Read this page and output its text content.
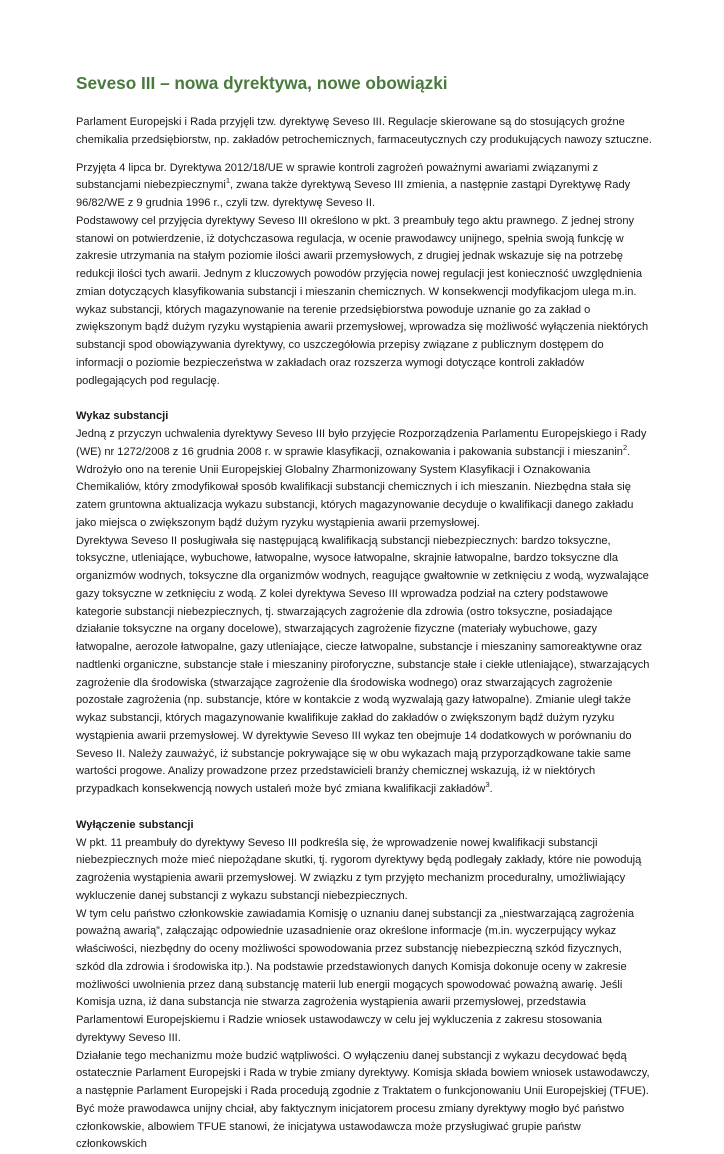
Seveso III – nowa dyrektywa, nowe obowiązki

Parlament Europejski i Rada przyjęli tzw. dyrektywę Seveso III. Regulacje skierowane są do stosujących groźne chemikalia przedsiębiorstw, np. zakładów petrochemicznych, farmaceutycznych czy produkujących nawozy sztuczne.

Przyjęta 4 lipca br. Dyrektywa 2012/18/UE w sprawie kontroli zagrożeń poważnymi awariami związanymi z substancjami niebezpiecznymi$^1$, zwana także dyrektywą Seveso III zmienia, a następnie zastąpi Dyrektywę Rady 96/82/WE z 9 grudnia 1996 r., czyli tzw. dyrektywę Seveso II.

Podstawowy cel przyjęcia dyrektywy Seveso III określono w pkt. 3 preambuły tego aktu prawnego. Z jednej strony stanowi on potwierdzenie, iż dotychczasowa regulacja, w ocenie prawodawcy unijnego, spełnia swoją funkcję w zakresie utrzymania na stałym poziomie ilości awarii przemysłowych, z drugiej jednak wskazuje się na potrzebę redukcji ilości tych awarii. Jednym z kluczowych powodów przyjęcia nowej regulacji jest konieczność uwzględnienia zmian dotyczących klasyfikowania substancji i mieszanin chemicznych. W konsekwencji modyfikacjom ulega m.in. wykaz substancji, których magazynowanie na terenie przedsiębiorstwa powoduje uznanie go za zakład o zwiększonym bądź dużym ryzyku wystąpienia awarii przemysłowej, wprowadza się możliwość wyłączenia niektórych substancji spod obowiązywania dyrektywy, co uszczegółowia przepisy związane z publicznym dostępem do informacji o poziomie bezpieczeństwa w zakładach oraz rozszerza wymogi dotyczące kontroli zakładów podlegających pod regulację.

Wykaz substancji

Jedną z przyczyn uchwalenia dyrektywy Seveso III było przyjęcie Rozporządzenia Parlamentu Europejskiego i Rady (WE) nr 1272/2008 z 16 grudnia 2008 r. w sprawie klasyfikacji, oznakowania i pakowania substancji i mieszanin$^2$. Wdrożyło ono na terenie Unii Europejskiej Globalny Zharmonizowany System Klasyfikacji i Oznakowania Chemikaliów, który zmodyfikował sposób kwalifikacji substancji chemicznych i ich mieszanin. Niezbędna stała się zatem gruntowna aktualizacja wykazu substancji, których magazynowanie decyduje o kwalifikacji danego zakładu jako miejsca o zwiększonym bądź dużym ryzyku wystąpienia awarii przemysłowej.

Dyrektywa Seveso II posługiwała się następującą kwalifikacją substancji niebezpiecznych: bardzo toksyczne, toksyczne, utleniające, wybuchowe, łatwopalne, wysoce łatwopalne, skrajnie łatwopalne, bardzo toksyczne dla organizmów wodnych, toksyczne dla organizmów wodnych, reagujące gwałtownie w zetknięciu z wodą, wyzwalające gazy toksyczne w zetknięciu z wodą. Z kolei dyrektywa Seveso III wprowadza podział na cztery podstawowe kategorie substancji niebezpiecznych, tj. stwarzających zagrożenie dla zdrowia (ostro toksyczne, posiadające działanie toksyczne na organy docelowe), stwarzających zagrożenie fizyczne (materiały wybuchowe, gazy łatwopalne, aerozole łatwopalne, gazy utleniające, ciecze łatwopalne, substancje i mieszaniny samoreaktywne oraz nadtlenki organiczne, substancje stałe i mieszaniny piroforyczne, substancje stałe i ciekłe utleniające), stwarzających zagrożenie dla środowiska (stwarzające zagrożenie dla środowiska wodnego) oraz stwarzających zagrożenie pozostałe zagrożenia (np. substancje, które w kontakcie z wodą wyzwalają gazy łatwopalne). Zmianie uległ także wykaz substancji, których magazynowanie kwalifikuje zakład do zakładów o zwiększonym bądź dużym ryzyku wystąpienia awarii przemysłowej. W dyrektywie Seveso III wykaz ten obejmuje 14 dodatkowych w porównaniu do Seveso II. Należy zauważyć, iż substancje pokrywające się w obu wykazach mają przyporządkowane takie same wartości progowe. Analizy prowadzone przez przedstawicieli branży chemicznej wskazują, iż w niektórych przypadkach konsekwencją nowych ustaleń może być zmiana kwalifikacji zakładów$^3$.

Wyłączenie substancji

W pkt. 11 preambuły do dyrektywy Seveso III podkreśla się, że wprowadzenie nowej kwalifikacji substancji niebezpiecznych może mieć niepożądane skutki, tj. rygorom dyrektywy będą podlegały zakłady, które nie powodują zagrożenia wystąpienia awarii przemysłowej. W związku z tym przyjęto mechanizm proceduralny, umożliwiający wykluczenie danej substancji z wykazu substancji niebezpiecznych.

W tym celu państwo członkowskie zawiadamia Komisję o uznaniu danej substancji za „niestwarzającą zagrożenia poważną awarią”, załączając odpowiednie uzasadnienie oraz określone informacje (m.in. wyczerpujący wykaz właściwości, niezbędny do oceny możliwości spowodowania przez substancję niebezpieczną szkód fizycznych, szkód dla zdrowia i środowiska itp.). Na podstawie przedstawionych danych Komisja dokonuje oceny w zakresie możliwości uwolnienia przez daną substancję materii lub energii mogących spowodować poważną awarię. Jeśli Komisja uzna, iż dana substancja nie stwarza zagrożenia wystąpienia awarii przemysłowej, przedstawia Parlamentowi Europejskiemu i Radzie wniosek ustawodawczy w celu jej wykluczenia z zakresu stosowania dyrektywy Seveso III.

Działanie tego mechanizmu może budzić wątpliwości. O wyłączeniu danej substancji z wykazu decydować będą ostatecznie Parlament Europejski i Rada w trybie zmiany dyrektywy. Komisja składa bowiem wniosek ustawodawczy, a następnie Parlament Europejski i Rada procedują zgodnie z Traktatem o funkcjonowaniu Unii Europejskiej (TFUE).

Być może prawodawca unijny chciał, aby faktycznym inicjatorem procesu zmiany dyrektywy mogło być państwo członkowskie, albowiem TFUE stanowi, że inicjatywa ustawodawcza może przysługiwać grupie państw członkowskich
